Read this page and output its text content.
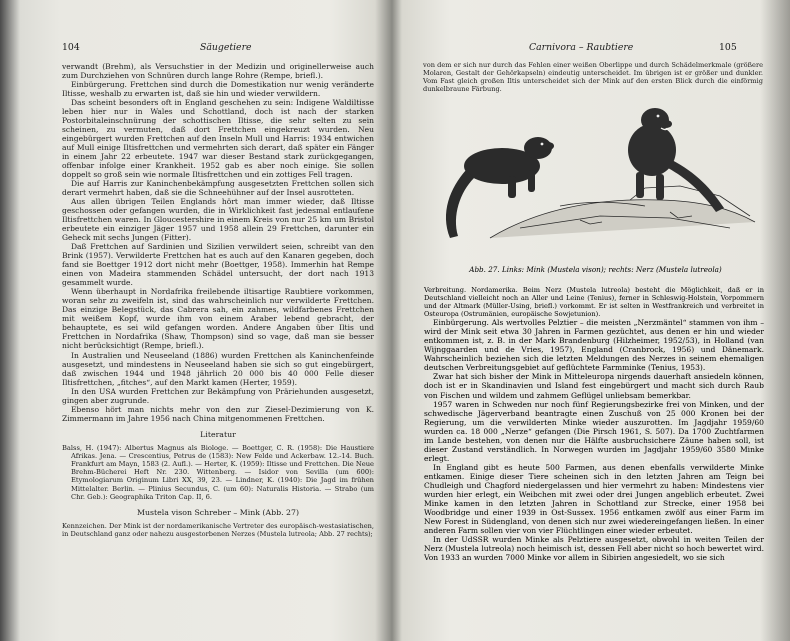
104	Säugetiere

verwandt (Brehm), als Versuchstier in der Medizin und originellerweise auch zum Durchziehen von Schnüren durch lange Rohre (Rempe, briefl.).

Einbürgerung. Frettchen sind durch die Domestikation nur wenig veränderte Iltisse, weshalb zu erwarten ist, daß sie hin und wieder verwildern.

Das scheint besonders oft in England geschehen zu sein: Indigene Waldiltisse leben hier nur in Wales und Schottland, doch ist nach der starken Postorbitaleinschnürung der schottischen Iltisse, die sehr selten zu sein scheinen, zu vermuten, daß dort Frettchen eingekreuzt wurden. Neu eingebürgert wurden Frettchen auf den Inseln Mull und Harris: 1934 entwichen auf Mull einige Iltisfrettchen und vermehrten sich derart, daß später ein Fänger in einem Jahr 22 erbeutete. 1947 war dieser Bestand stark zurückgegangen, offenbar infolge einer Krankheit. 1952 gab es aber noch einige. Sie sollen doppelt so groß sein wie normale Iltisfrettchen und ein zottiges Fell tragen.

Die auf Harris zur Kaninchenbekämpfung ausgesetzten Frettchen sollen sich derart vermehrt haben, daß sie die Schneehühner auf der Insel ausrotteten.

Aus allen übrigen Teilen Englands hört man immer wieder, daß Iltisse geschossen oder gefangen wurden, die in Wirklichkeit fast jedesmal entlaufene Iltisfrettchen waren. In Gloucestershire in einem Kreis von nur 25 km um Bristol erbeutete ein einziger Jäger 1957 und 1958 allein 29 Frettchen, darunter ein Geheck mit sechs Jungen (Fitter).

Daß Frettchen auf Sardinien und Sizilien verwildert seien, schreibt van den Brink (1957). Verwilderte Frettchen hat es auch auf den Kanaren gegeben, doch fand sie Boettger 1912 dort nicht mehr (Boettger, 1958). Immerhin hat Rempe einen von Madeira stammenden Schädel untersucht, der dort nach 1913 gesammelt wurde.

Wenn überhaupt in Nordafrika freilebende iltisartige Raubtiere vorkommen, woran sehr zu zweifeln ist, sind das wahrscheinlich nur verwilderte Frettchen. Das einzige Belegstück, das Cabrera sah, ein zahmes, wildfarbenes Frettchen mit weißem Kopf, wurde ihm von einem Araber lebend gebracht, der behauptete, es sei wild gefangen worden. Andere Angaben über Iltis und Frettchen in Nordafrika (Shaw, Thompson) sind so vage, daß man sie besser nicht berücksichtigt (Rempe, briefl.).

In Australien und Neuseeland (1886) wurden Frettchen als Kaninchenfeinde ausgesetzt, und mindestens in Neuseeland haben sie sich so gut eingebürgert, daß zwischen 1944 und 1948 jährlich 20 000 bis 40 000 Felle dieser Iltisfrettchen, „fitches“, auf den Markt kamen (Herter, 1959).

In den USA wurden Frettchen zur Bekämpfung von Präriehunden ausgesetzt, gingen aber zugrunde.

Ebenso hört man nichts mehr von den zur Ziesel-Dezimierung von K. Zimmermann im Jahre 1956 nach China mitgenommenen Frettchen.

Literatur

Balss, H. (1947): Albertus Magnus als Biologe. — Boettger, C. R. (1958): Die Haustiere Afrikas. Jena. — Crescentius, Petrus de (1583): New Felde und Ackerbaw. 12.-14. Buch. Frankfurt am Mayn, 1583 (2. Aufl.). — Herter, K. (1959): Iltisse und Frettchen. Die Neue Brehm-Bücherei Heft Nr. 230. Wittenberg. — Isidor von Sevilla (um 600): Etymologiarum Originum Libri XX, 39, 23. — Lindner, K. (1940): Die Jagd im frühen Mittelalter. Berlin. — Plinius Secundus, C. (um 60): Naturalis Historia. — Strabo (um Chr. Geb.): Geographika Triton Cap. II, 6.

Mustela vison Schreber – Mink (Abb. 27)

Kennzeichen. Der Mink ist der nordamerikanische Vertreter des europäisch-westasiatischen, in Deutschland ganz oder nahezu ausgestorbenen Nerzes (Mustela lutreola; Abb. 27 rechts);

Carnivora – Raubtiere	105

von dem er sich nur durch das Fehlen einer weißen Oberlippe und durch Schädelmerkmale (größere Molaren, Gestalt der Gehörkapseln) eindeutig unterscheidet. Im übrigen ist er größer und dunkler. Vom Fast gleich großen Iltis unterscheidet sich der Mink auf den ersten Blick durch die einförmig dunkelbraune Färbung.

Abb. 27. Links: Mink (Mustela vison); rechts: Nerz (Mustela lutreola)

Verbreitung. Nordamerika. Beim Nerz (Mustela lutreola) besteht die Möglichkeit, daß er in Deutschland vielleicht noch an Aller und Leine (Tenius), ferner in Schleswig-Holstein, Vorpommern und der Altmark (Müller-Using, briefl.) vorkommt. Er ist selten in Westfrankreich und verbreitet in Osteuropa (Ostrumänien, europäische Sowjetunion).

Einbürgerung. Als wertvolles Pelztier – die meisten „Nerzmäntel“ stammen von ihm – wird der Mink seit etwa 30 Jahren in Farmen gezüchtet, aus denen er hin und wieder entkommen ist, z. B. in der Mark Brandenburg (Hilzheimer, 1952/53), in Holland (van Wijnggaarden und de Vries, 1957), England (Cranbrock, 1956) und Dänemark. Wahrscheinlich beziehen sich die letzten Meldungen des Nerzes in seinem ehemaligen deutschen Verbreitungsgebiet auf geflüchtete Farmminke (Tenius, 1953).

Zwar hat sich bisher der Mink in Mitteleuropa nirgends dauerhaft ansiedeln können, doch ist er in Skandinavien und Island fest eingebürgert und macht sich durch Raub von Fischen und wildem und zahmem Geflügel unliebsam bemerkbar.

1957 waren in Schweden nur noch fünf Regierungsbezirke frei von Minken, und der schwedische Jägerverband beantragte einen Zuschuß von 25 000 Kronen bei der Regierung, um die verwilderten Minke wieder auszurotten. Im Jagdjahr 1959/60 wurden ca. 18 000 „Nerze“ gefangen (Die Pirsch 1961, S. 507). Da 1700 Zuchtfarmen im Lande bestehen, von denen nur die Hälfte ausbruchsichere Zäune haben soll, ist dieser Zustand verständlich. In Norwegen wurden im Jagdjahr 1959/60 3580 Minke erlegt.

In England gibt es heute 500 Farmen, aus denen ebenfalls verwilderte Minke entkamen. Einige dieser Tiere scheinen sich in den letzten Jahren am Teign bei Chudleigh und Chagford niedergelassen und hier vermehrt zu haben: Mindestens vier wurden hier erlegt, ein Weibchen mit zwei oder drei Jungen angeblich erbeutet. Zwei Minke kamen in den letzten Jahren in Schottland zur Strecke, einer 1958 bei Woodbridge und einer 1939 in Ost-Sussex. 1956 entkamen zwölf aus einer Farm im New Forest in Südengland, von denen sich nur zwei wiedereingefangen ließen. In einer anderen Farm sollen vier von vier Flüchtlingen einer wieder erbeutet.

In der UdSSR wurden Minke als Pelztiere ausgesetzt, obwohl in weiten Teilen der Nerz (Mustela lutreola) noch heimisch ist, dessen Fell aber nicht so hoch bewertet wird. Von 1933 an wurden 7000 Minke vor allem in Sibirien angesiedelt, wo sie sich
